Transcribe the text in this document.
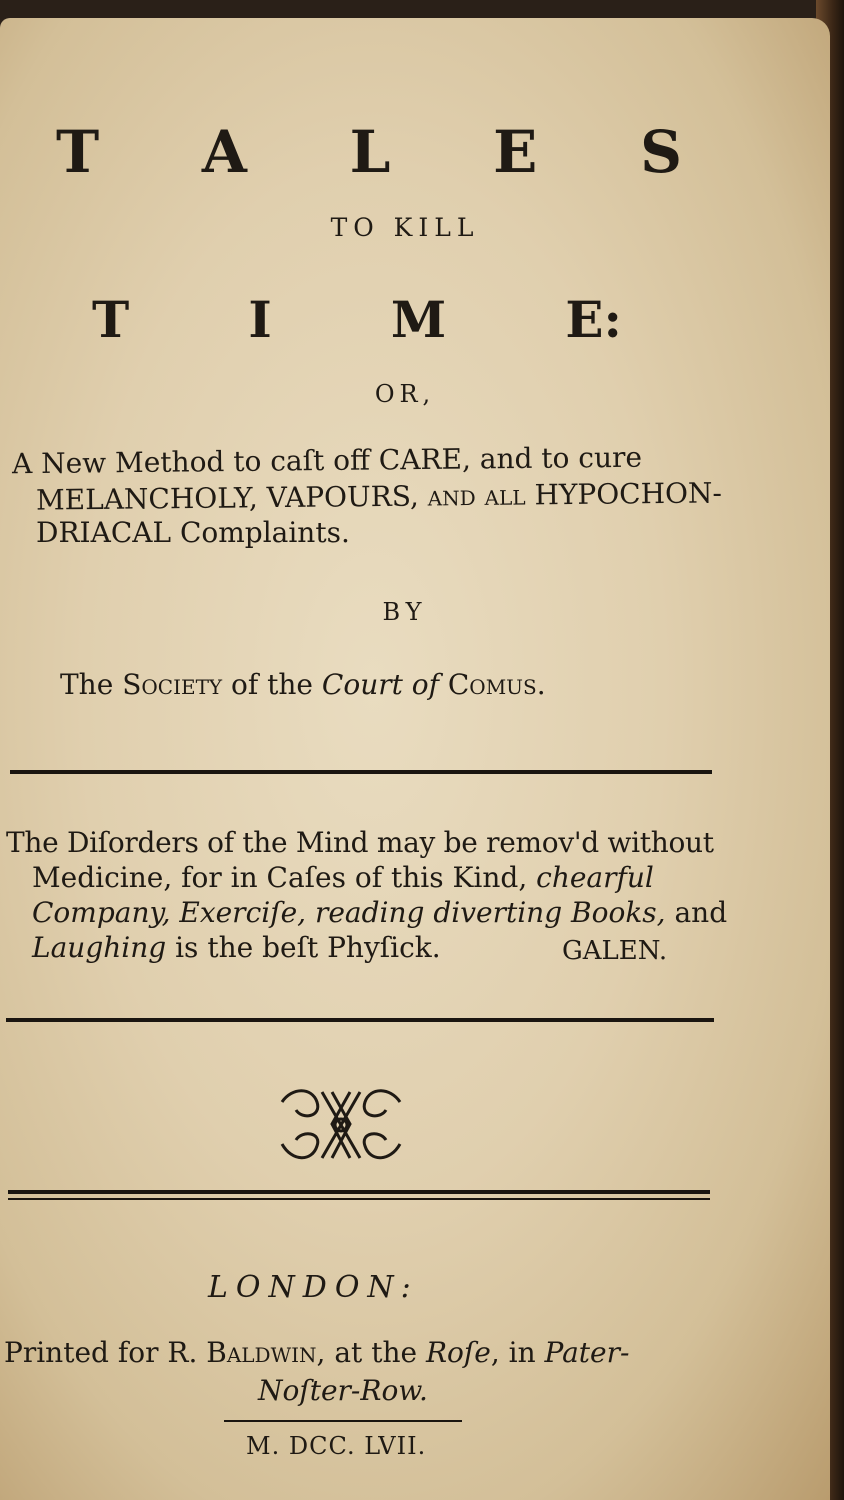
T A L E S
TO KILL
T I M E:
OR,
A New Method to caſt off CARE, and to cure
MELANCHOLY, VAPOURS, and all HYPOCHON-
DRIACAL Complaints.
BY
The Society of the Court of Comus.
The Diſorders of the Mind may be remov'd without
Medicine, for in Caſes of this Kind, chearful
Company, Exerciſe, reading diverting Books, and
Laughing is the beſt Phyſick.	GALEN.
LONDON:
Printed for R. Baldwin, at the Roſe, in Pater-
Noſter-Row.
M. DCC. LVII.
